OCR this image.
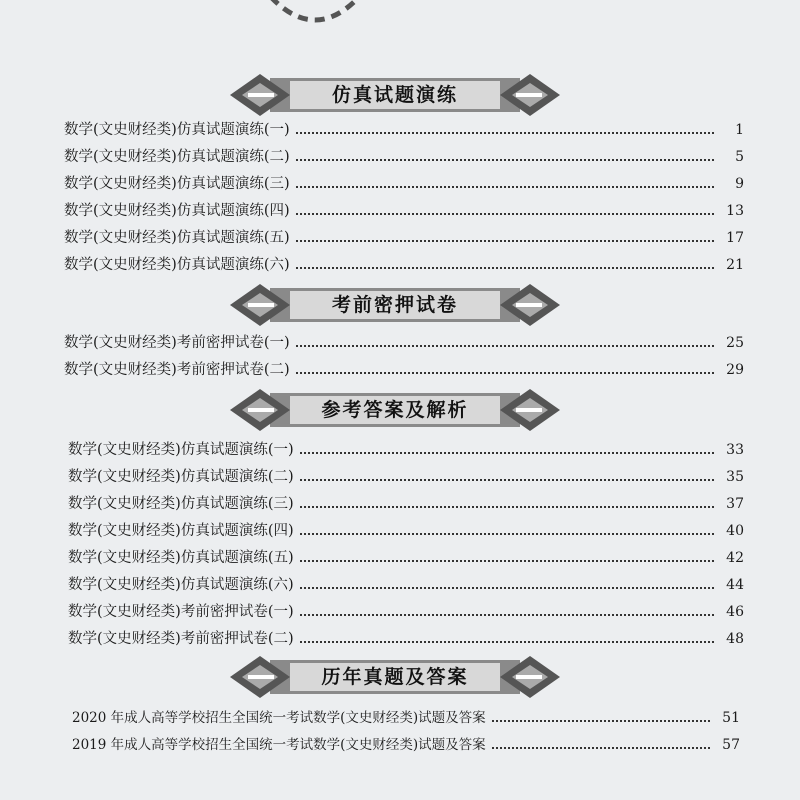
仿真试题演练
数学(文史财经类)仿真试题演练(一)	1
数学(文史财经类)仿真试题演练(二)	5
数学(文史财经类)仿真试题演练(三)	9
数学(文史财经类)仿真试题演练(四)	13
数学(文史财经类)仿真试题演练(五)	17
数学(文史财经类)仿真试题演练(六)	21
考前密押试卷
数学(文史财经类)考前密押试卷(一)	25
数学(文史财经类)考前密押试卷(二)	29
参考答案及解析
数学(文史财经类)仿真试题演练(一)	33
数学(文史财经类)仿真试题演练(二)	35
数学(文史财经类)仿真试题演练(三)	37
数学(文史财经类)仿真试题演练(四)	40
数学(文史财经类)仿真试题演练(五)	42
数学(文史财经类)仿真试题演练(六)	44
数学(文史财经类)考前密押试卷(一)	46
数学(文史财经类)考前密押试卷(二)	48
历年真题及答案
2020 年成人高等学校招生全国统一考试数学(文史财经类)试题及答案	51
2019 年成人高等学校招生全国统一考试数学(文史财经类)试题及答案	57
